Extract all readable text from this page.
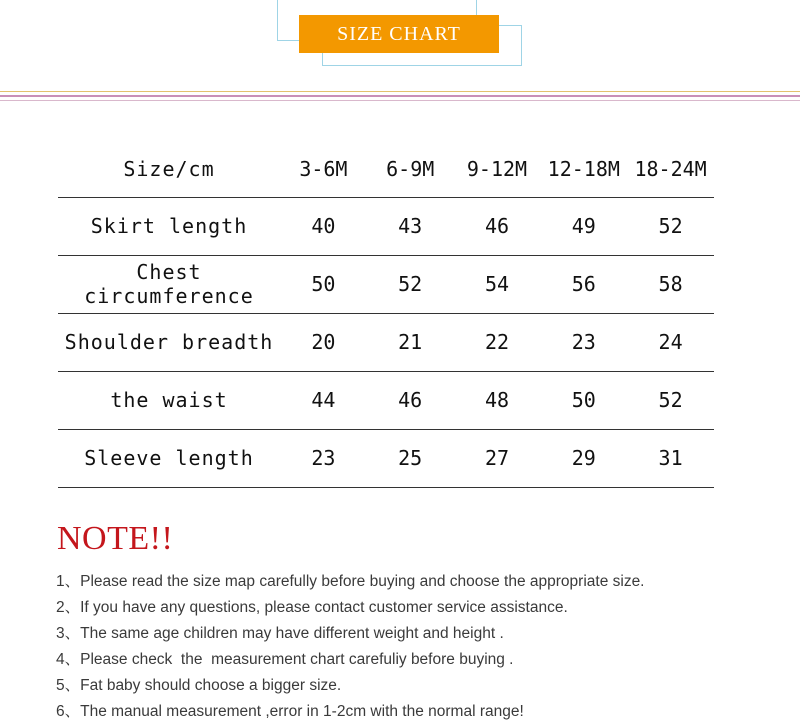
SIZE CHART
Size/cm	3-6M	6-9M	9-12M	12-18M	18-24M
Skirt length	40	43	46	49	52
Chest circumference	50	52	54	56	58
Shoulder breadth	20	21	22	23	24
the waist	44	46	48	50	52
Sleeve length	23	25	27	29	31
NOTE!!
1、Please read the size map carefully before buying and choose the appropriate size.
2、If you have any questions, please contact customer service assistance.
3、The same age children may have different weight and height .
4、Please check  the  measurement chart carefuliy before buying .
5、Fat baby should choose a bigger size.
6、The manual measurement ,error in 1-2cm with the normal range!
